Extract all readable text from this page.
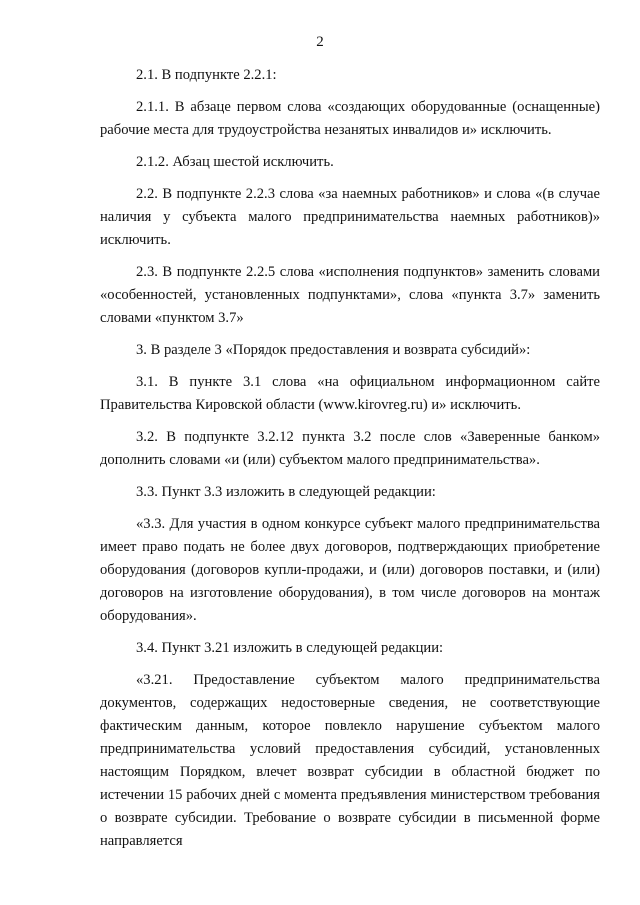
2

2.1. В подпункте 2.2.1:

2.1.1. В абзаце первом слова «создающих оборудованные (оснащенные) рабочие места для трудоустройства незанятых инвалидов и» исключить.

2.1.2. Абзац шестой исключить.

2.2. В подпункте 2.2.3 слова «за наемных работников» и слова «(в случае наличия у субъекта малого предпринимательства наемных работников)» исключить.

2.3. В подпункте 2.2.5 слова «исполнения подпунктов» заменить словами «особенностей, установленных подпунктами», слова «пункта 3.7» заменить словами «пунктом 3.7»

3. В разделе 3 «Порядок предоставления и возврата субсидий»:

3.1. В пункте 3.1 слова «на официальном информационном сайте Правительства Кировской области (www.kirovreg.ru) и» исключить.

3.2. В подпункте 3.2.12 пункта 3.2 после слов «Заверенные банком» дополнить словами «и (или) субъектом малого предпринимательства».

3.3. Пункт 3.3 изложить в следующей редакции:

«3.3. Для участия в одном конкурсе субъект малого предпринимательства имеет право подать не более двух договоров, подтверждающих приобретение оборудования (договоров купли-продажи, и (или) договоров поставки, и (или) договоров на изготовление оборудования), в том числе договоров на монтаж оборудования».

3.4. Пункт 3.21 изложить в следующей редакции:

«3.21. Предоставление субъектом малого предпринимательства документов, содержащих недостоверные сведения, не соответствующие фактическим данным, которое повлекло нарушение субъектом малого предпринимательства условий предоставления субсидий, установленных настоящим Порядком, влечет возврат субсидии в областной бюджет по истечении 15 рабочих дней с момента предъявления министерством требования о возврате субсидии. Требование о возврате субсидии в письменной форме направляется
